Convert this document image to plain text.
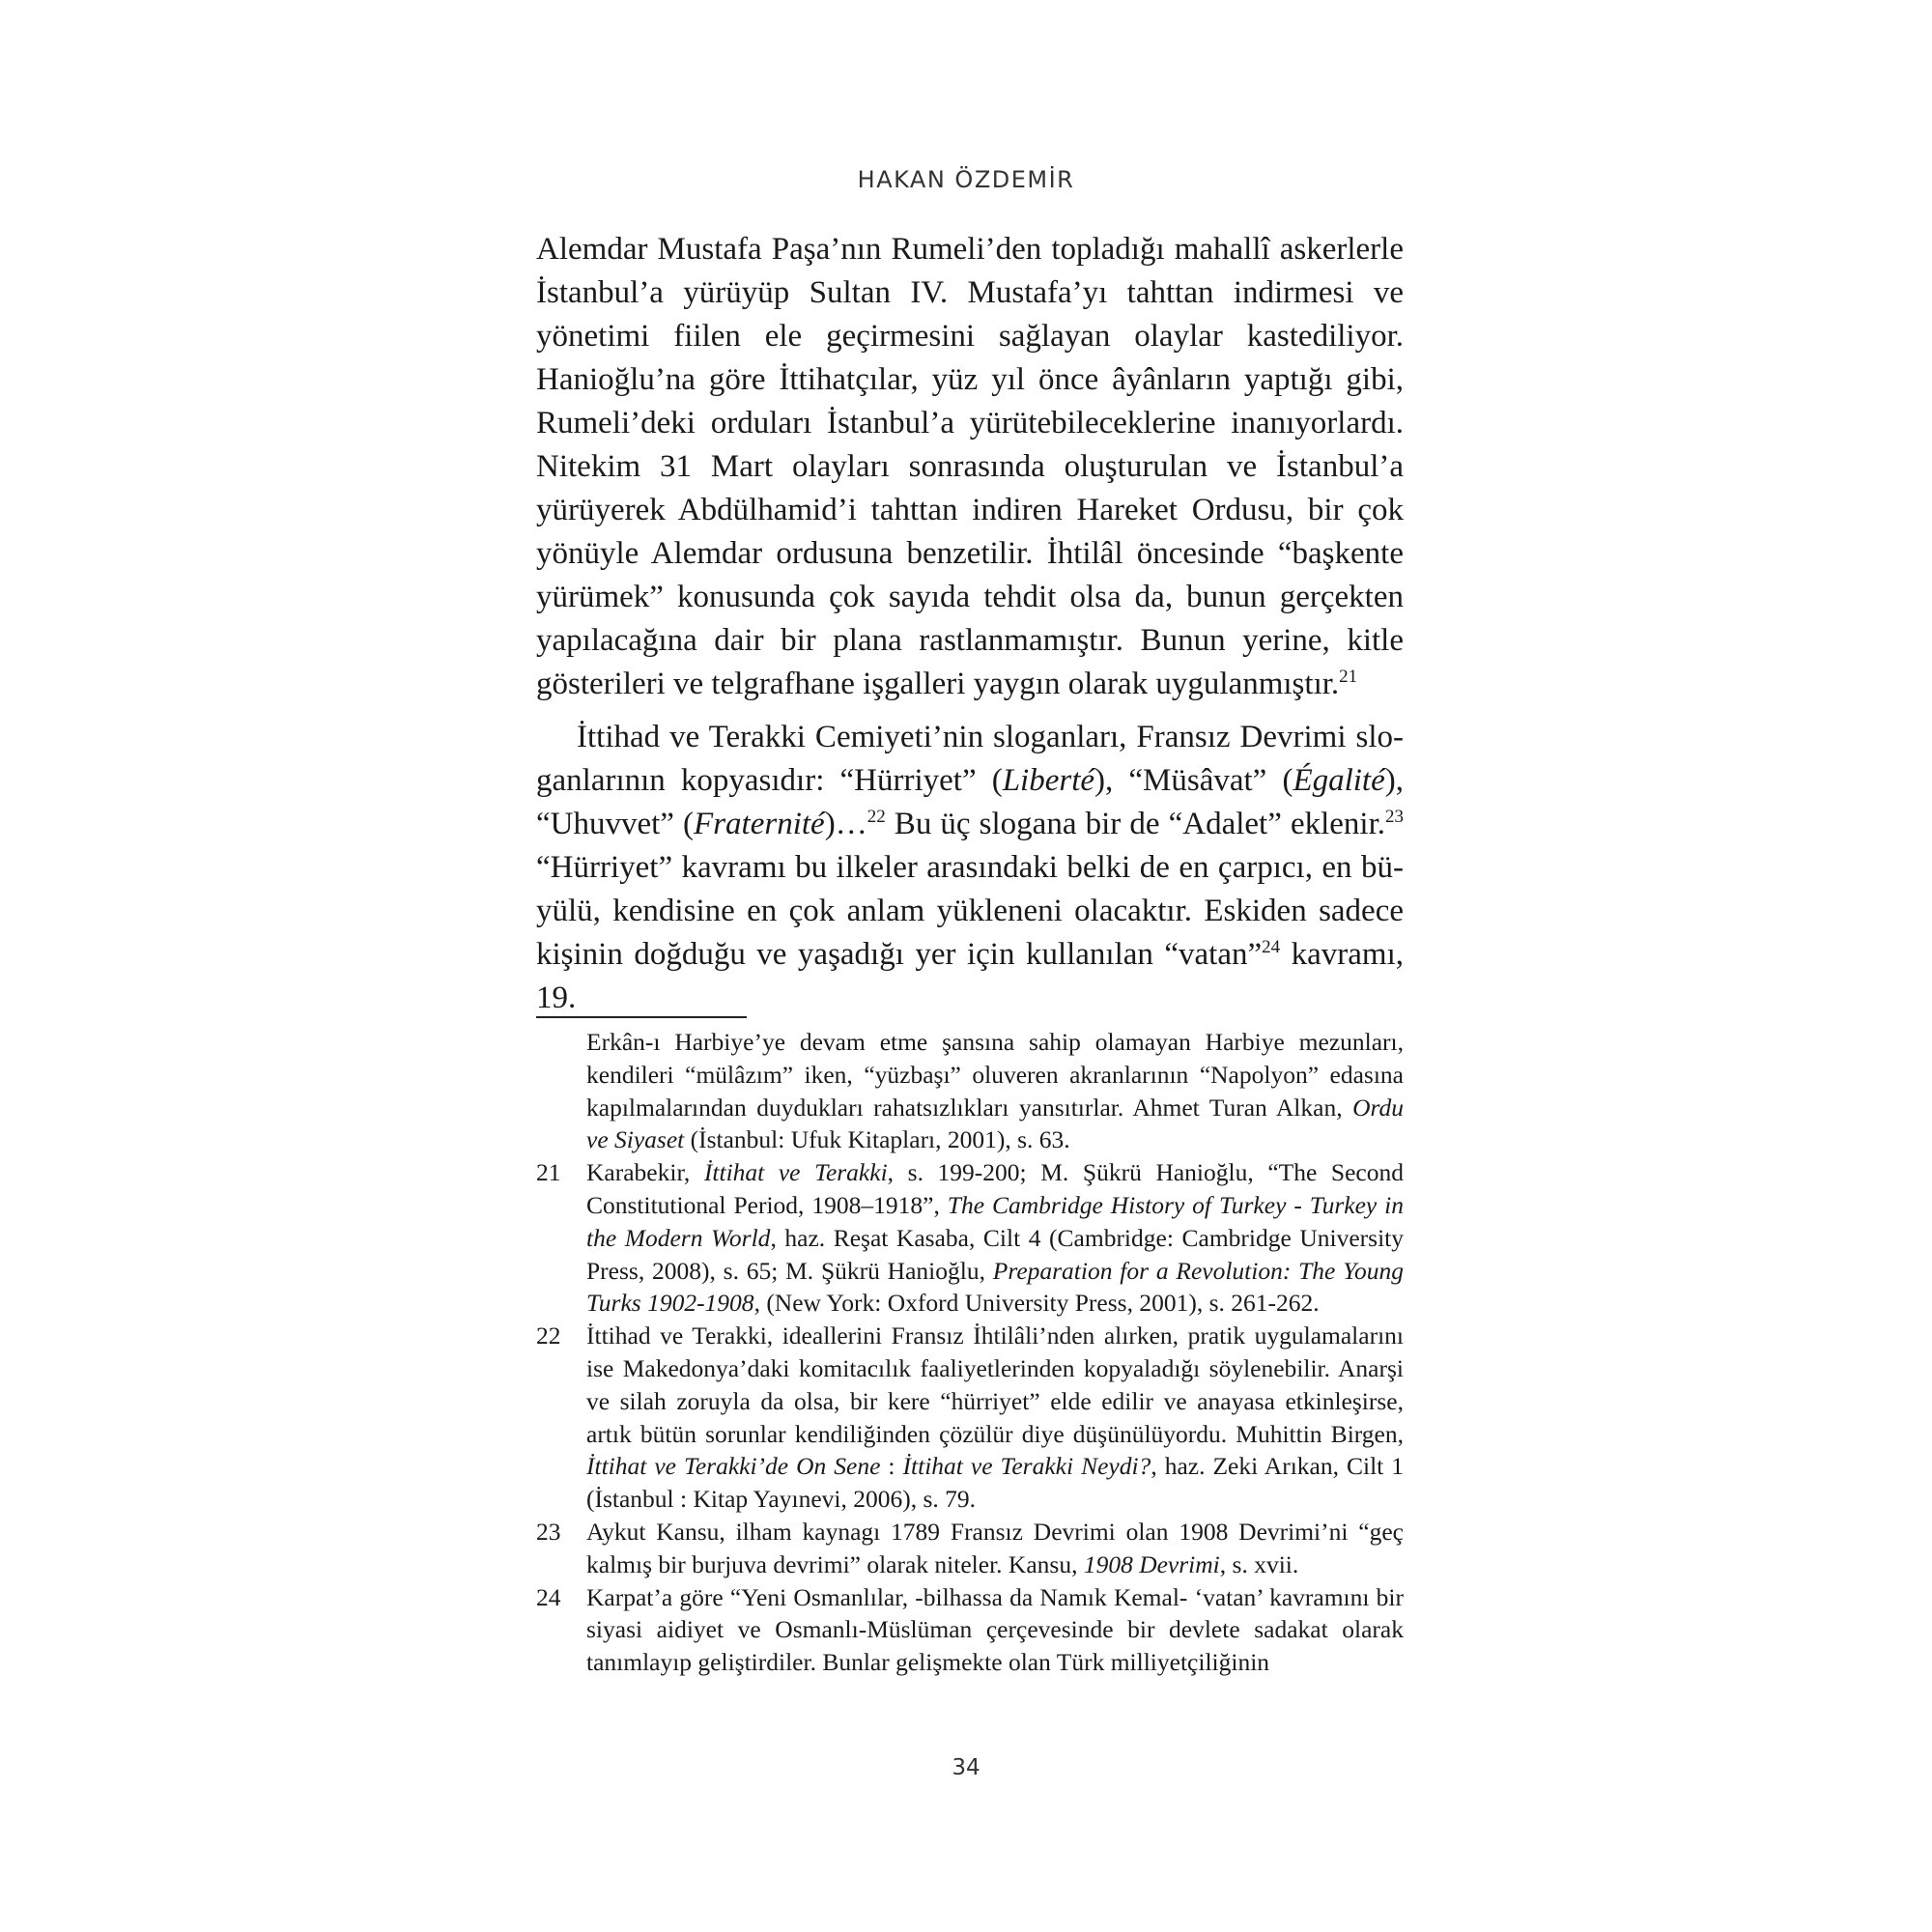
HAKAN ÖZDEMİR

Alemdar Mustafa Paşa’nın Rumeli’den topladığı mahallî askerlerle İstanbul’a yürüyüp Sultan IV. Mustafa’yı tahttan indirmesi ve yönetimi fiilen ele geçirmesini sağlayan olaylar kastediliyor. Hanioğlu’na göre İttihatçılar, yüz yıl önce âyânların yaptığı gibi, Rumeli’deki orduları İstanbul’a yürütebileceklerine inanıyorlardı. Nitekim 31 Mart olayları sonrasında oluşturulan ve İstanbul’a yürüyerek Abdülhamid’i tahttan indiren Hareket Ordusu, bir çok yönüyle Alemdar ordusuna benzetilir. İhtilâl öncesinde “başkente yürümek” konusunda çok sayıda tehdit olsa da, bunun gerçekten yapılacağına dair bir plana rastlanmamıştır. Bunun yerine, kitle gösterileri ve telgrafhane işgalleri yaygın olarak uygulanmıştır.$^{21}$

İttihad ve Terakki Cemiyeti’nin sloganları, Fransız Devrimi sloganlarının kopyasıdır: “Hürriyet” (Liberté), “Müsâvat” (Égalité), “Uhuvvet” (Fraternité)…$^{22}$ Bu üç slogana bir de “Adalet” eklenir.$^{23}$ “Hürriyet” kavramı bu ilkeler arasındaki belki de en çarpıcı, en büyülü, kendisine en çok anlam yükleneni olacaktır. Eskiden sadece kişinin doğduğu ve yaşadığı yer için kullanılan “vatan”$^{24}$ kavramı, 19.

Erkân-ı Harbiye’ye devam etme şansına sahip olamayan Harbiye mezunları, kendileri “mülâzım” iken, “yüzbaşı” oluveren akranlarının “Napolyon” edasına kapılmalarından duydukları rahatsızlıkları yansıtırlar. Ahmet Turan Alkan, Ordu ve Siyaset (İstanbul: Ufuk Kitapları, 2001), s. 63.
21	Karabekir, İttihat ve Terakki, s. 199-200; M. Şükrü Hanioğlu, “The Second Constitutional Period, 1908–1918”, The Cambridge History of Turkey - Turkey in the Modern World, haz. Reşat Kasaba, Cilt 4 (Cambridge: Cambridge University Press, 2008), s. 65; M. Şükrü Hanioğlu, Preparation for a Revolution: The Young Turks 1902-1908, (New York: Oxford University Press, 2001), s. 261-262.
22	İttihad ve Terakki, ideallerini Fransız İhtilâli’nden alırken, pratik uygulamalarını ise Makedonya’daki komitacılık faaliyetlerinden kopyaladığı söylenebilir. Anarşi ve silah zoruyla da olsa, bir kere “hürriyet” elde edilir ve anayasa etkinleşirse, artık bütün sorunlar kendiliğinden çözülür diye düşünülüyordu. Muhittin Birgen, İttihat ve Terakki’de On Sene : İttihat ve Terakki Neydi?, haz. Zeki Arıkan, Cilt 1 (İstanbul : Kitap Yayınevi, 2006), s. 79.
23	Aykut Kansu, ilham kaynagı 1789 Fransız Devrimi olan 1908 Devrimi’ni “geç kalmış bir burjuva devrimi” olarak niteler. Kansu, 1908 Devrimi, s. xvii.
24	Karpat’a göre “Yeni Osmanlılar, -bilhassa da Namık Kemal- ‘vatan’ kavramını bir siyasi aidiyet ve Osmanlı-Müslüman çerçevesinde bir devlete sadakat olarak tanımlayıp geliştirdiler. Bunlar gelişmekte olan Türk milliyetçiliğinin
34
